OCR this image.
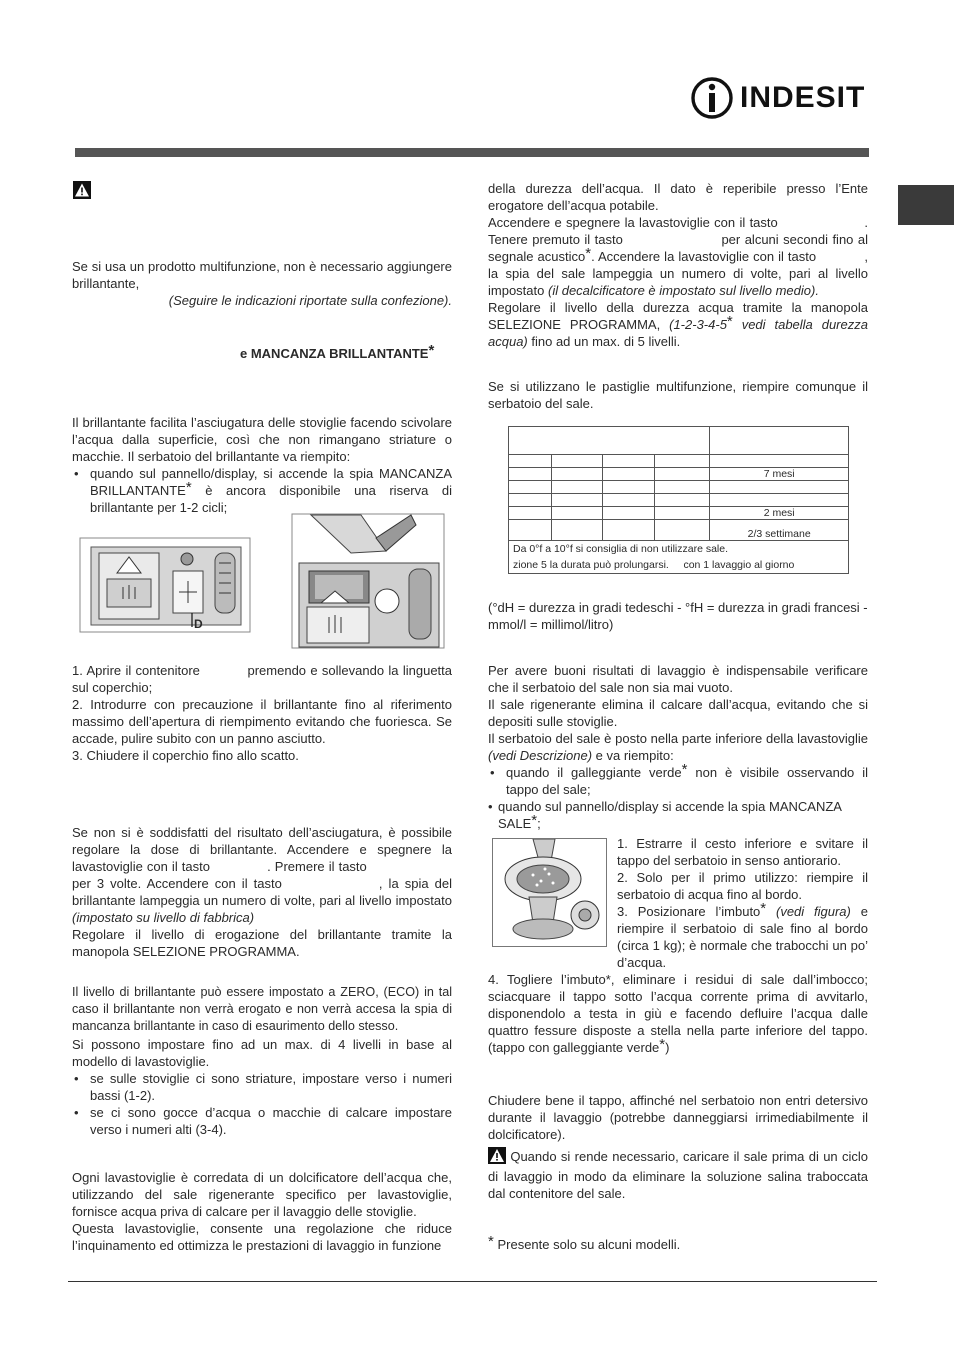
INDESIT

Se si usa un prodotto multifunzione, non è necessario aggiungere brillantante,

(Seguire le indicazioni riportate sulla confezione).

e MANCANZA BRILLANTANTE*

Il brillantante facilita l’asciugatura delle stoviglie facendo scivolare l’acqua dalla superficie, così che non rimangano striature o macchie. Il serbatoio del brillantante va riempito:

• quando sul pannello/display, si accende la spia MANCANZA BRILLANTANTE* è ancora disponibile una riserva di brillantante per 1-2 cicli;
D

1. Aprire il contenitore	premendo e sollevando la linguetta sul coperchio;

2. Introdurre con precauzione il brillantante fino al riferimento massimo dell’apertura di riempimento evitando che fuoriesca. Se accade, pulire subito con un panno asciutto.

3. Chiudere il coperchio fino allo scatto.

Se non si è soddisfatti del risultato dell’asciugatura, è possibile regolare la dose di brillantante. Accendere e spegnere la lavastoviglie con il tasto	. Premere il tasto                      per 3 volte. Accendere con il tasto	, la spia del brillantante lampeggia un numero di volte, pari al livello impostato (impostato su livello di fabbrica)

Regolare il livello di erogazione del brillantante tramite la manopola SELEZIONE PROGRAMMA.

Il livello di brillantante può essere impostato a ZERO, (ECO) in tal caso il brillantante non verrà erogato e non verrà accesa la spia di mancanza brillantante in caso di esaurimento dello stesso.

Si possono impostare fino ad un max. di 4 livelli in base al modello di lavastoviglie.

• se sulle stoviglie ci sono striature, impostare verso i numeri bassi (1-2).
• se ci sono gocce d’acqua o macchie di calcare impostare verso i numeri alti (3-4).

Ogni lavastoviglie è corredata di un dolcificatore dell’acqua che, utilizzando del sale rigenerante specifico per lavastoviglie, fornisce acqua priva di calcare per il lavaggio delle stoviglie.

Questa lavastoviglie, consente una regolazione che riduce l’inquinamento ed ottimizza le prestazioni di lavaggio in funzione

della durezza dell’acqua. Il dato è reperibile presso l’Ente erogatore dell’acqua potabile.

Accendere e spegnere la lavastoviglie con il tasto	. Tenere premuto il tasto	per alcuni secondi fino al segnale acustico*. Accendere la lavastoviglie con il tasto	, la spia del sale lampeggia un numero di volte, pari al livello impostato (il decalcificatore è impostato sul livello medio).

Regolare il livello della durezza acqua tramite la manopola SELEZIONE PROGRAMMA, (1-2-3-4-5* vedi tabella durezza acqua) fino ad un max. di 5 livelli.

Se si utilizzano le pastiglie multifunzione, riempire comunque il serbatoio del sale.

				7 mesi

				2 mesi
				2/3 settimane

Da 0°f a 10°f si consiglia di non utilizzare sale.
zione 5 la durata può prolungarsi. con 1 lavaggio al giorno				

(°dH = durezza in gradi tedeschi - °fH = durezza in gradi francesi - mmol/l = millimol/litro)

Per avere buoni risultati di lavaggio è indispensabile verificare che il serbatoio del sale non sia mai vuoto.

Il sale rigenerante elimina il calcare dall’acqua, evitando che si depositi sulle stoviglie.

Il serbatoio del sale è posto nella parte inferiore della lavastoviglie (vedi Descrizione) e va riempito:

• quando il galleggiante verde* non è visibile osservando il tappo del sale;
• quando sul pannello/display si accende la spia MANCANZA SALE*;

1. Estrarre il cesto inferiore e svitare il tappo del serbatoio in senso antiorario.

2. Solo per il primo utilizzo: riempire il serbatoio di acqua fino al bordo.

3. Posizionare l’imbuto* (vedi figura) e riempire il serbatoio di sale fino al bordo (circa 1 kg); è normale che trabocchi un po’ d’acqua.

4. Togliere l’imbuto*, eliminare i residui di sale dall’imbocco; sciacquare il tappo sotto l’acqua corrente prima di avvitarlo, disponendolo a testa in giù e facendo defluire l’acqua dalle quattro fessure disposte a stella nella parte inferiore del tappo. (tappo con galleggiante verde*)

Chiudere bene il tappo, affinché nel serbatoio non entri detersivo durante il lavaggio (potrebbe danneggiarsi irrimediabilmente il dolcificatore).

Quando si rende necessario, caricare il sale prima di un ciclo di lavaggio in modo da eliminare la soluzione salina traboccata dal contenitore del sale.

* Presente solo su alcuni modelli.
